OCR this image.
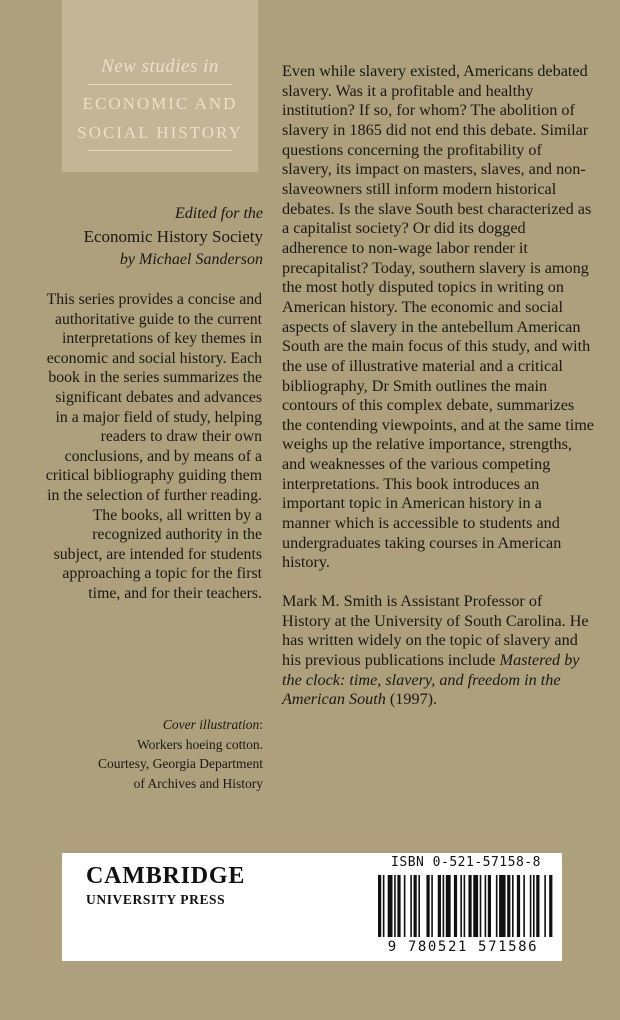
New studies in
ECONOMIC AND
SOCIAL HISTORY
Edited for the
Economic History Society
by Michael Sanderson
This series provides a concise and authoritative guide to the current interpretations of key themes in economic and social history. Each book in the series summarizes the significant debates and advances in a major field of study, helping readers to draw their own conclusions, and by means of a critical bibliography guiding them in the selection of further reading. The books, all written by a recognized authority in the subject, are intended for students approaching a topic for the first time, and for their teachers.
Cover illustration:
Workers hoeing cotton.
Courtesy, Georgia Department
of Archives and History

Even while slavery existed, Americans debated slavery. Was it a profitable and healthy institution? If so, for whom? The abolition of slavery in 1865 did not end this debate. Similar questions concerning the profitability of slavery, its impact on masters, slaves, and non-slaveowners still inform modern historical debates. Is the slave South best characterized as a capitalist society? Or did its dogged adherence to non-wage labor render it precapitalist? Today, southern slavery is among the most hotly disputed topics in writing on American history. The economic and social aspects of slavery in the antebellum American South are the main focus of this study, and with the use of illustrative material and a critical bibliography, Dr Smith outlines the main contours of this complex debate, summarizes the contending viewpoints, and at the same time weighs up the relative importance, strengths, and weaknesses of the various competing interpretations. This book introduces an important topic in American history in a manner which is accessible to students and undergraduates taking courses in American history.

Mark M. Smith is Assistant Professor of History at the University of South Carolina. He has written widely on the topic of slavery and his previous publications include Mastered by the clock: time, slavery, and freedom in the American South (1997).

CAMBRIDGE
UNIVERSITY PRESS
ISBN 0-521-57158-8
9 780521 571586
